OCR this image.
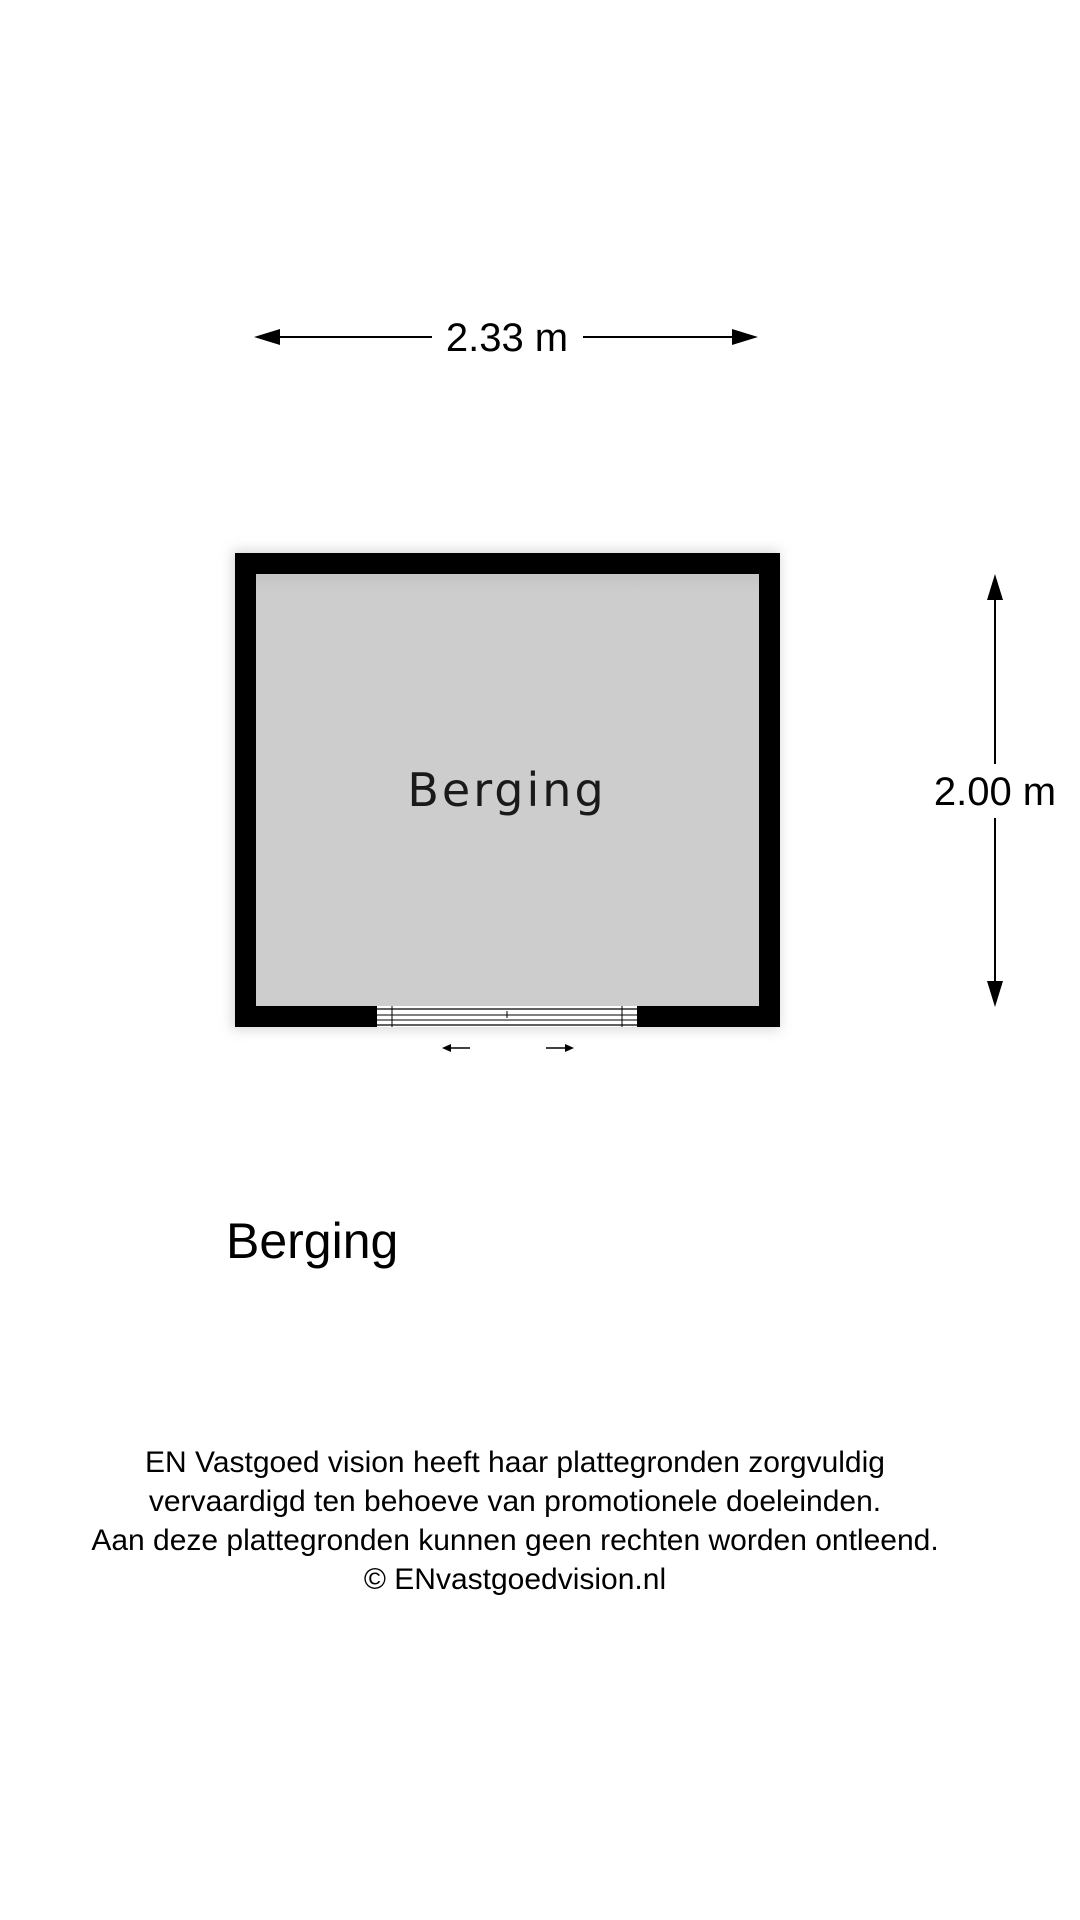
2.33 m
2.00 m
Berging
Berging
EN Vastgoed vision heeft haar plattegronden zorgvuldig
vervaardigd ten behoeve van promotionele doeleinden.
Aan deze plattegronden kunnen geen rechten worden ontleend.
© ENvastgoedvision.nl
